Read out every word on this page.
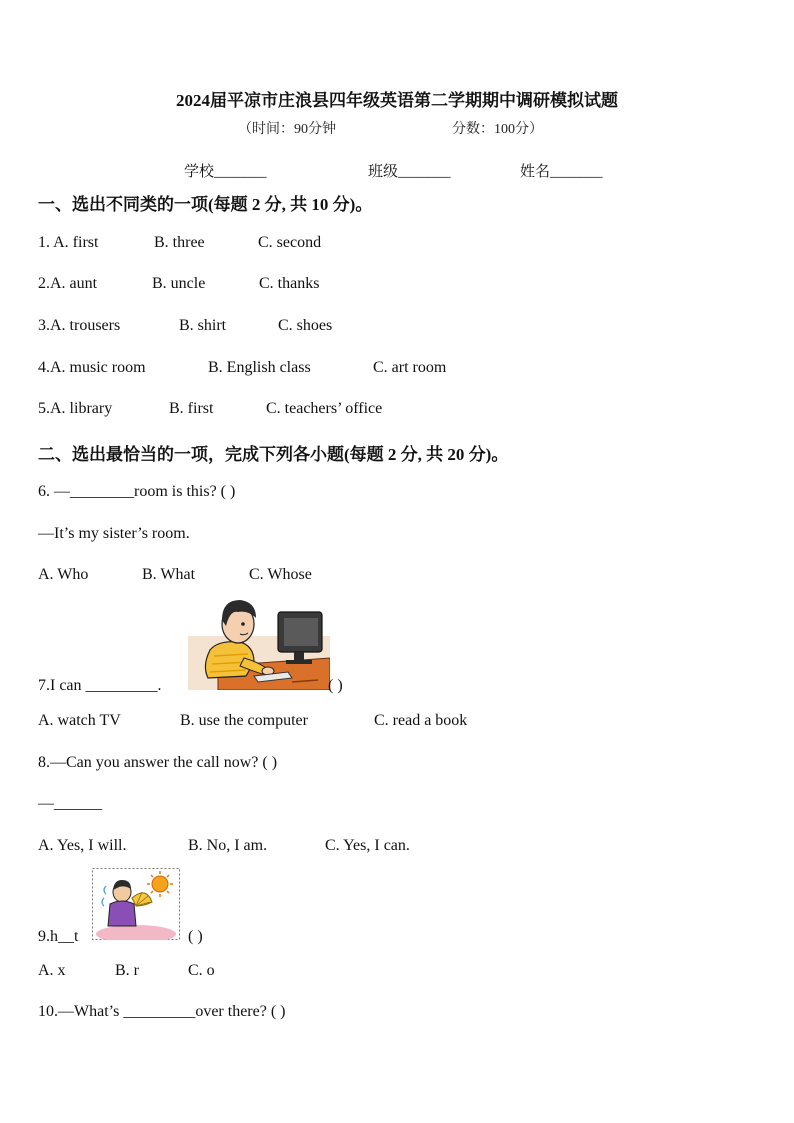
2024届平凉市庄浪县四年级英语第二学期期中调研模拟试题
（时间：90分钟	分数：100分）
学校_______	班级_______	姓名_______
一、选出不同类的一项(每题 2 分, 共 10 分)。
1. A. first	B. three	C. second
2.A. aunt	B. uncle	C. thanks
3.A. trousers	B. shirt	C. shoes
4.A. music room	B. English class	C. art room
5.A. library	B. first	C. teachers’ office
二、选出最恰当的一项，完成下列各小题(每题 2 分, 共 20 分)。
6. —________room is this? ( )
—It’s my sister’s room.
A. Who	B. What	C. Whose
7.I can _________.	( )
A. watch TV	B. use the computer	C. read a book
8.—Can you answer the call now? ( )
—______
A. Yes, I will.	B. No, I am.	C. Yes, I can.
9.h__t	( )
A. x	B. r	C. o
10.—What’s _________over there? ( )
